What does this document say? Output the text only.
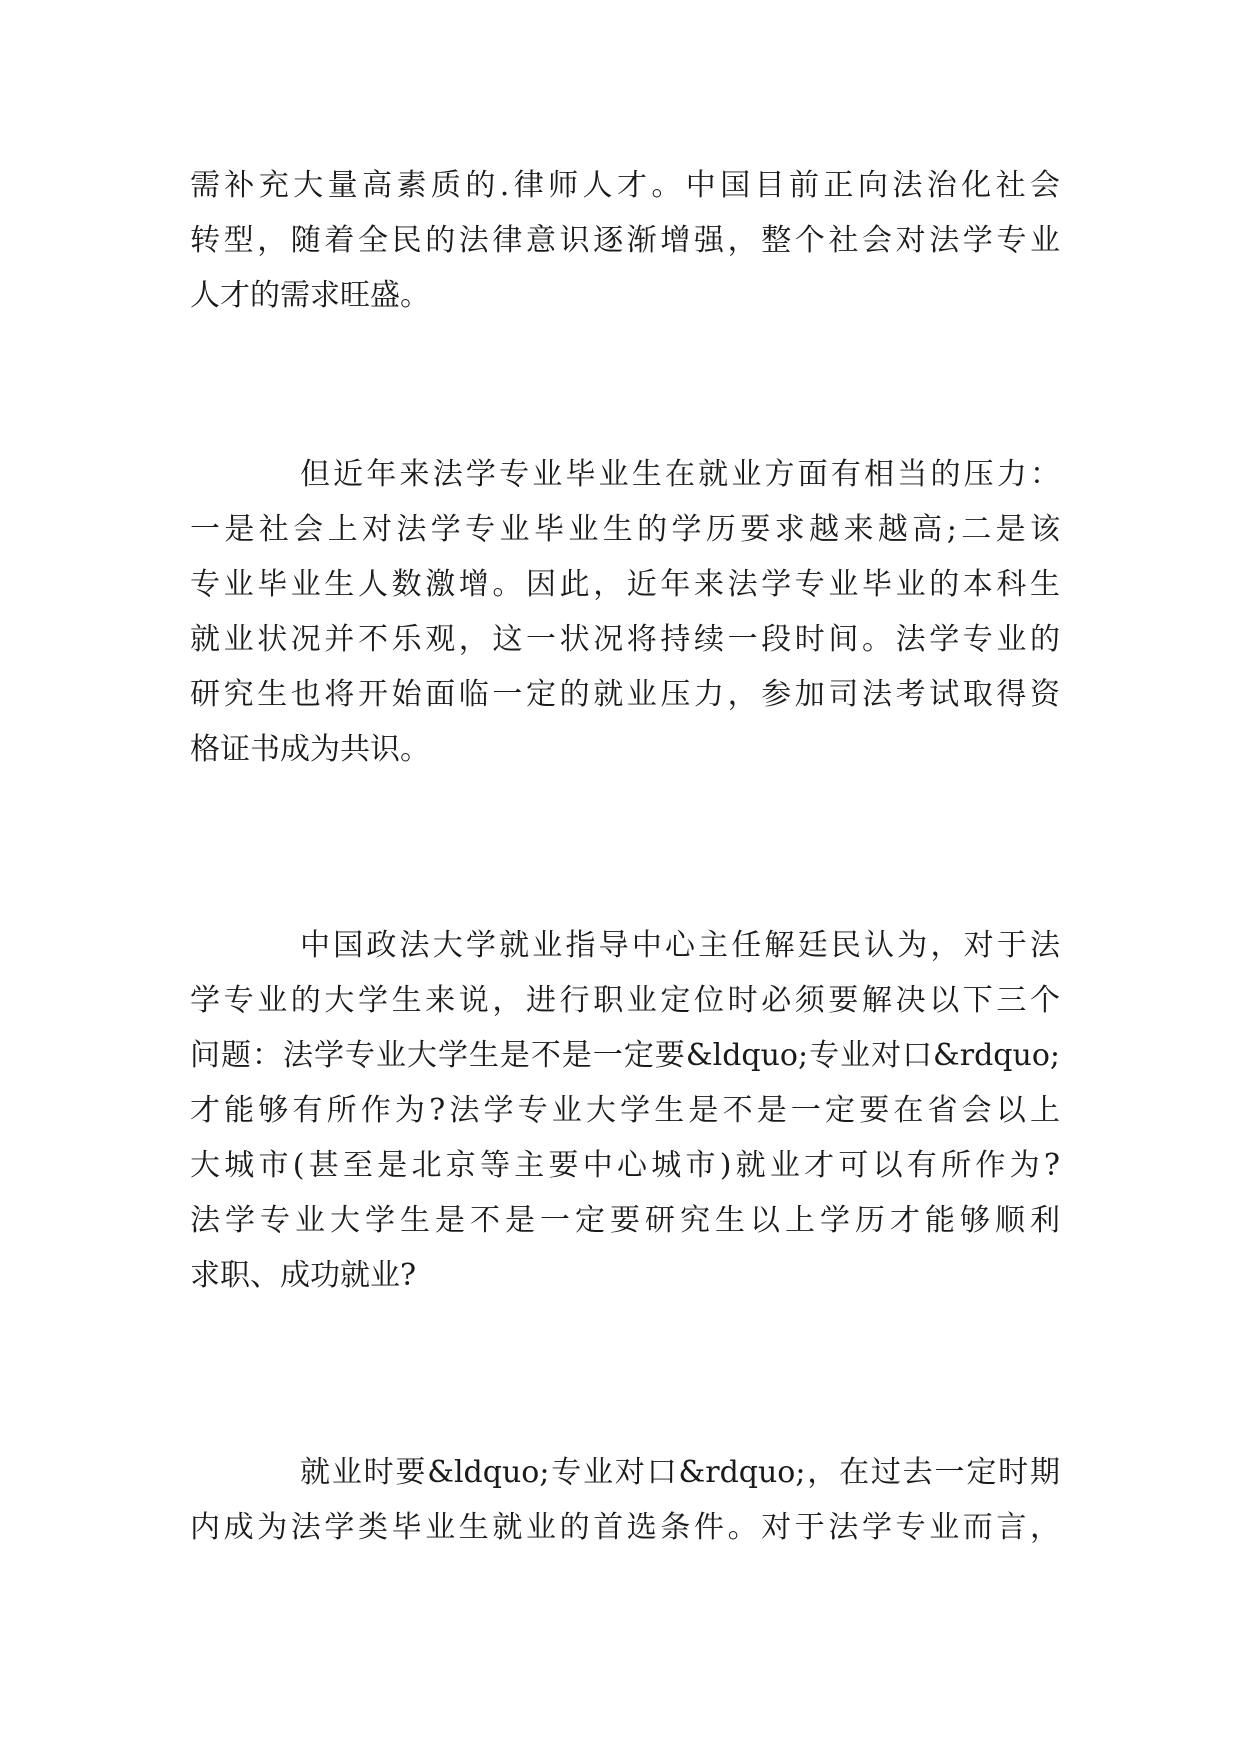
需补充大量高素质的.律师人才。中国目前正向法治化社会
转型，随着全民的法律意识逐渐增强，整个社会对法学专业
人才的需求旺盛。
但近年来法学专业毕业生在就业方面有相当的压力：
一是社会上对法学专业毕业生的学历要求越来越高;二是该
专业毕业生人数激增。因此，近年来法学专业毕业的本科生
就业状况并不乐观，这一状况将持续一段时间。法学专业的
研究生也将开始面临一定的就业压力，参加司法考试取得资
格证书成为共识。
中国政法大学就业指导中心主任解廷民认为，对于法
学专业的大学生来说，进行职业定位时必须要解决以下三个
问题：法学专业大学生是不是一定要&ldquo;专业对口&rdquo;
才能够有所作为?法学专业大学生是不是一定要在省会以上
大城市(甚至是北京等主要中心城市)就业才可以有所作为?
法学专业大学生是不是一定要研究生以上学历才能够顺利
求职、成功就业?
就业时要&ldquo;专业对口&rdquo;，在过去一定时期
内成为法学类毕业生就业的首选条件。对于法学专业而言，
